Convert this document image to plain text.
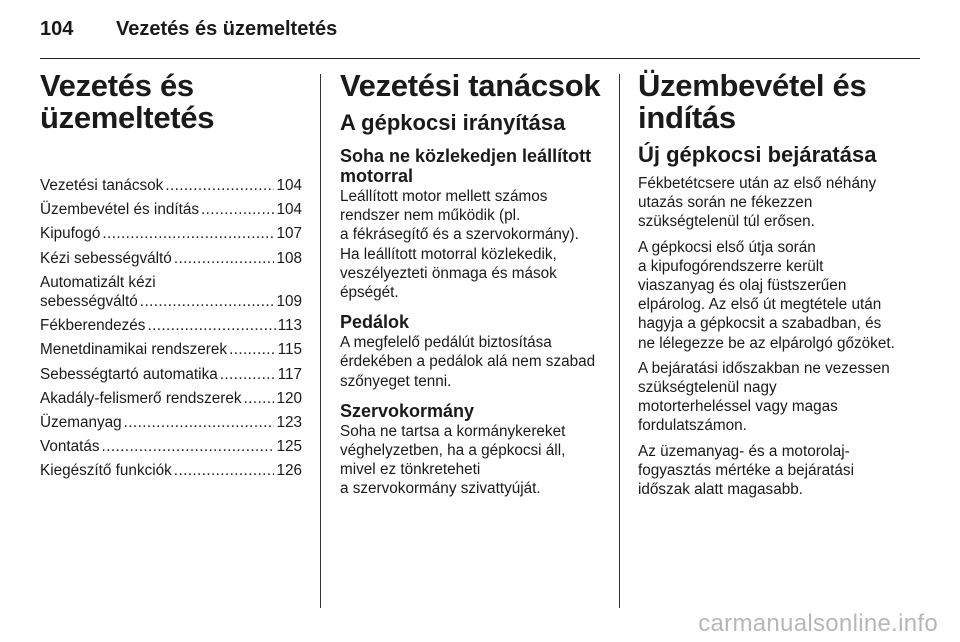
104 Vezetés és üzemeltetés
Vezetés és
üzemeltetés
Vezetési tanácsok .....	104
Üzembevétel és indítás .....	104
Kipufogó .....	107
Kézi sebességváltó .....	108
Automatizált kézi
sebességváltó .....	109
Fékberendezés .....	113
Menetdinamikai rendszerek .....	115
Sebességtartó automatika .....	117
Akadály-felismerő rendszerek ..... 120
Üzemanyag .....	123
Vontatás .....	125
Kiegészítő funkciók .....	126
Vezetési tanácsok
A gépkocsi irányítása
Soha ne közlekedjen leállított
motorral
Leállított motor mellett számos
rendszer nem működik (pl.
a fékrásegítő és a szervokormány).
Ha leállított motorral közlekedik,
veszélyezteti önmaga és mások
épségét.
Pedálok
A megfelelő pedálút biztosítása
érdekében a pedálok alá nem szabad
szőnyeget tenni.
Szervokormány
Soha ne tartsa a kormánykereket
véghelyzetben, ha a gépkocsi áll,
mivel ez tönkreteheti
a szervokormány szivattyúját.
Üzembevétel és indítás
Új gépkocsi bejáratása
Fékbetétcsere után az első néhány
utazás során ne fékezzen
szükségtelenül túl erősen.
A gépkocsi első útja során
a kipufogórendszerre került
viaszanyag és olaj füstszerűen
elpárolog. Az első út megtétele után
hagyja a gépkocsit a szabadban, és
ne lélegezze be az elpárolgó gőzöket.
A bejáratási időszakban ne vezessen
szükségtelenül nagy
motorterheléssel vagy magas
fordulatszámon.
Az üzemanyag- és a motorolaj-
fogyasztás mértéke a bejáratási
időszak alatt magasabb.
carmanualsonline.info
